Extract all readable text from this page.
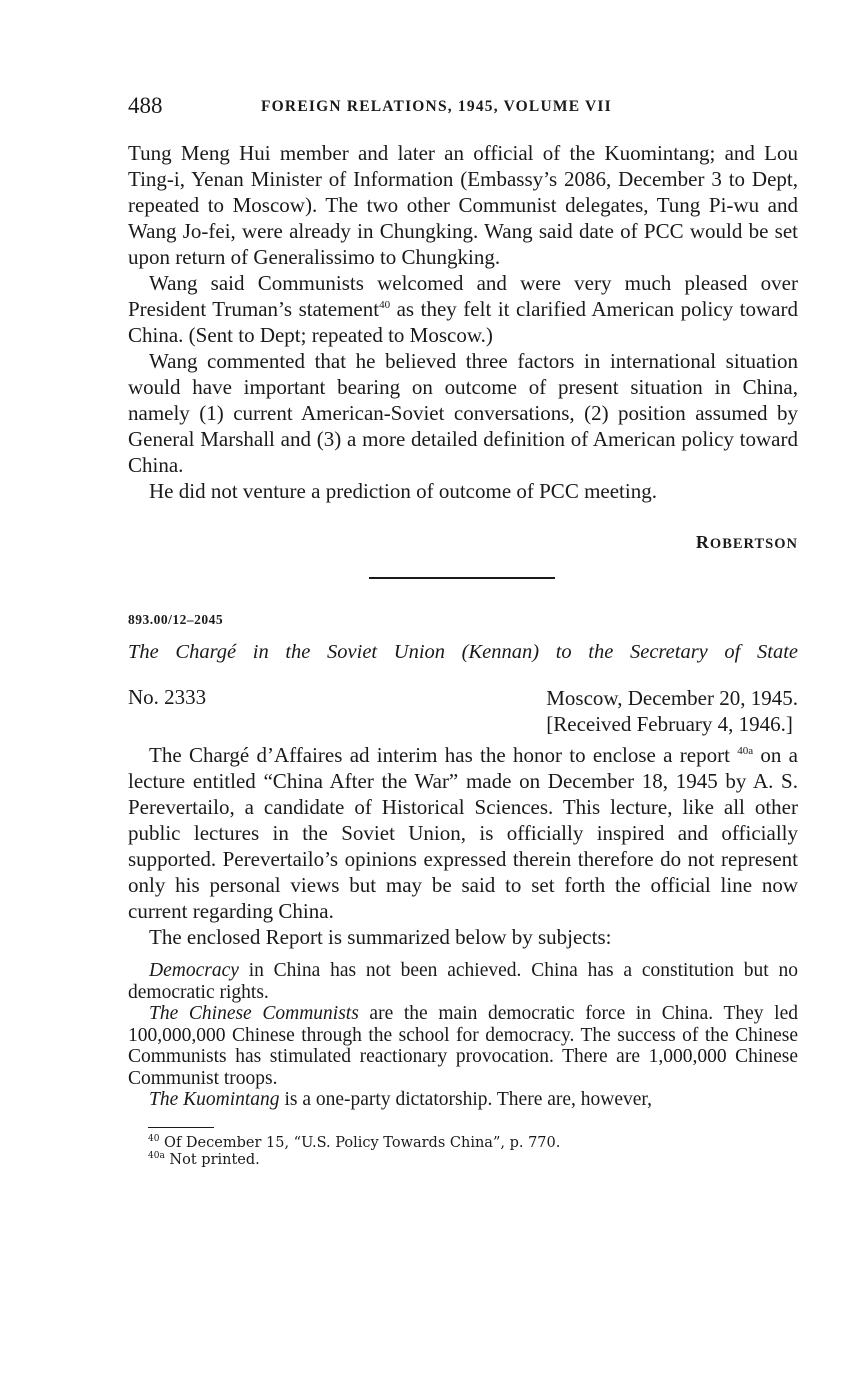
488	FOREIGN RELATIONS, 1945, VOLUME VII

Tung Meng Hui member and later an official of the Kuomintang; and Lou Ting-i, Yenan Minister of Information (Embassy’s 2086, December 3 to Dept, repeated to Moscow). The two other Communist delegates, Tung Pi-wu and Wang Jo-fei, were already in Chungking. Wang said date of PCC would be set upon return of Generalissimo to Chungking.

Wang said Communists welcomed and were very much pleased over President Truman’s statement$^{40}$ as they felt it clarified American policy toward China. (Sent to Dept; repeated to Moscow.)

Wang commented that he believed three factors in international situation would have important bearing on outcome of present situation in China, namely (1) current American-Soviet conversations, (2) position assumed by General Marshall and (3) a more detailed definition of American policy toward China.

He did not venture a prediction of outcome of PCC meeting.

ROBERTSON
893.00/12–2045
The Chargé in the Soviet Union (Kennan) to the Secretary of State
No. 2333	Moscow, December 20, 1945.
[Received February 4, 1946.]

The Chargé d’Affaires ad interim has the honor to enclose a report $^{40a}$ on a lecture entitled “China After the War” made on December 18, 1945 by A. S. Perevertailo, a candidate of Historical Sciences. This lecture, like all other public lectures in the Soviet Union, is officially inspired and officially supported. Perevertailo’s opinions expressed therein therefore do not represent only his personal views but may be said to set forth the official line now current regarding China.

The enclosed Report is summarized below by subjects:

Democracy in China has not been achieved. China has a constitution but no democratic rights.

The Chinese Communists are the main democratic force in China. They led 100,000,000 Chinese through the school for democracy. The success of the Chinese Communists has stimulated reactionary provocation. There are 1,000,000 Chinese Communist troops.

The Kuomintang is a one-party dictatorship. There are, however,

$^{40}$ Of December 15, “U.S. Policy Towards China”, p. 770.
$^{40a}$ Not printed.
